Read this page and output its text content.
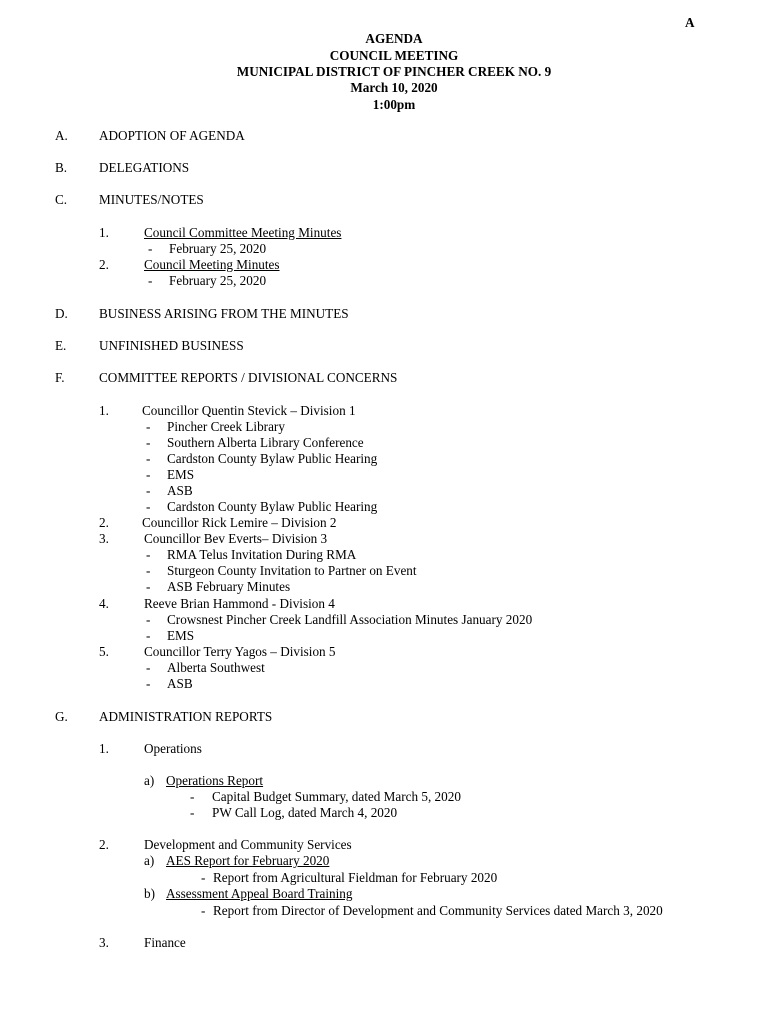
A
AGENDA
COUNCIL MEETING
MUNICIPAL DISTRICT OF PINCHER CREEK NO. 9
March 10, 2020
1:00pm
A. ADOPTION OF AGENDA
B. DELEGATIONS
C. MINUTES/NOTES
1.	Council Committee Meeting Minutes
- February 25, 2020
2.	Council Meeting Minutes
- February 25, 2020
D. BUSINESS ARISING FROM THE MINUTES
E. UNFINISHED BUSINESS
F.	COMMITTEE REPORTS / DIVISIONAL CONCERNS
1.	Councillor Quentin Stevick – Division 1
- Pincher Creek Library
- Southern Alberta Library Conference
- Cardston County Bylaw Public Hearing
- EMS
- ASB
- Cardston County Bylaw Public Hearing
2.	Councillor Rick Lemire – Division 2
3.	Councillor Bev Everts– Division 3
- RMA Telus Invitation During RMA
- Sturgeon County Invitation to Partner on Event
- ASB February Minutes
4.	Reeve Brian Hammond - Division 4
- Crowsnest Pincher Creek Landfill Association Minutes January 2020
- EMS
5.	Councillor Terry Yagos – Division 5
- Alberta Southwest
- ASB
G. ADMINISTRATION REPORTS
1.	Operations
a) Operations Report
- Capital Budget Summary, dated March 5, 2020
- PW Call Log, dated March 4, 2020
2.	Development and Community Services
a) AES Report for February 2020
- Report from Agricultural Fieldman for February 2020
b) Assessment Appeal Board Training
- Report from Director of Development and Community Services dated March 3, 2020
3.	Finance
